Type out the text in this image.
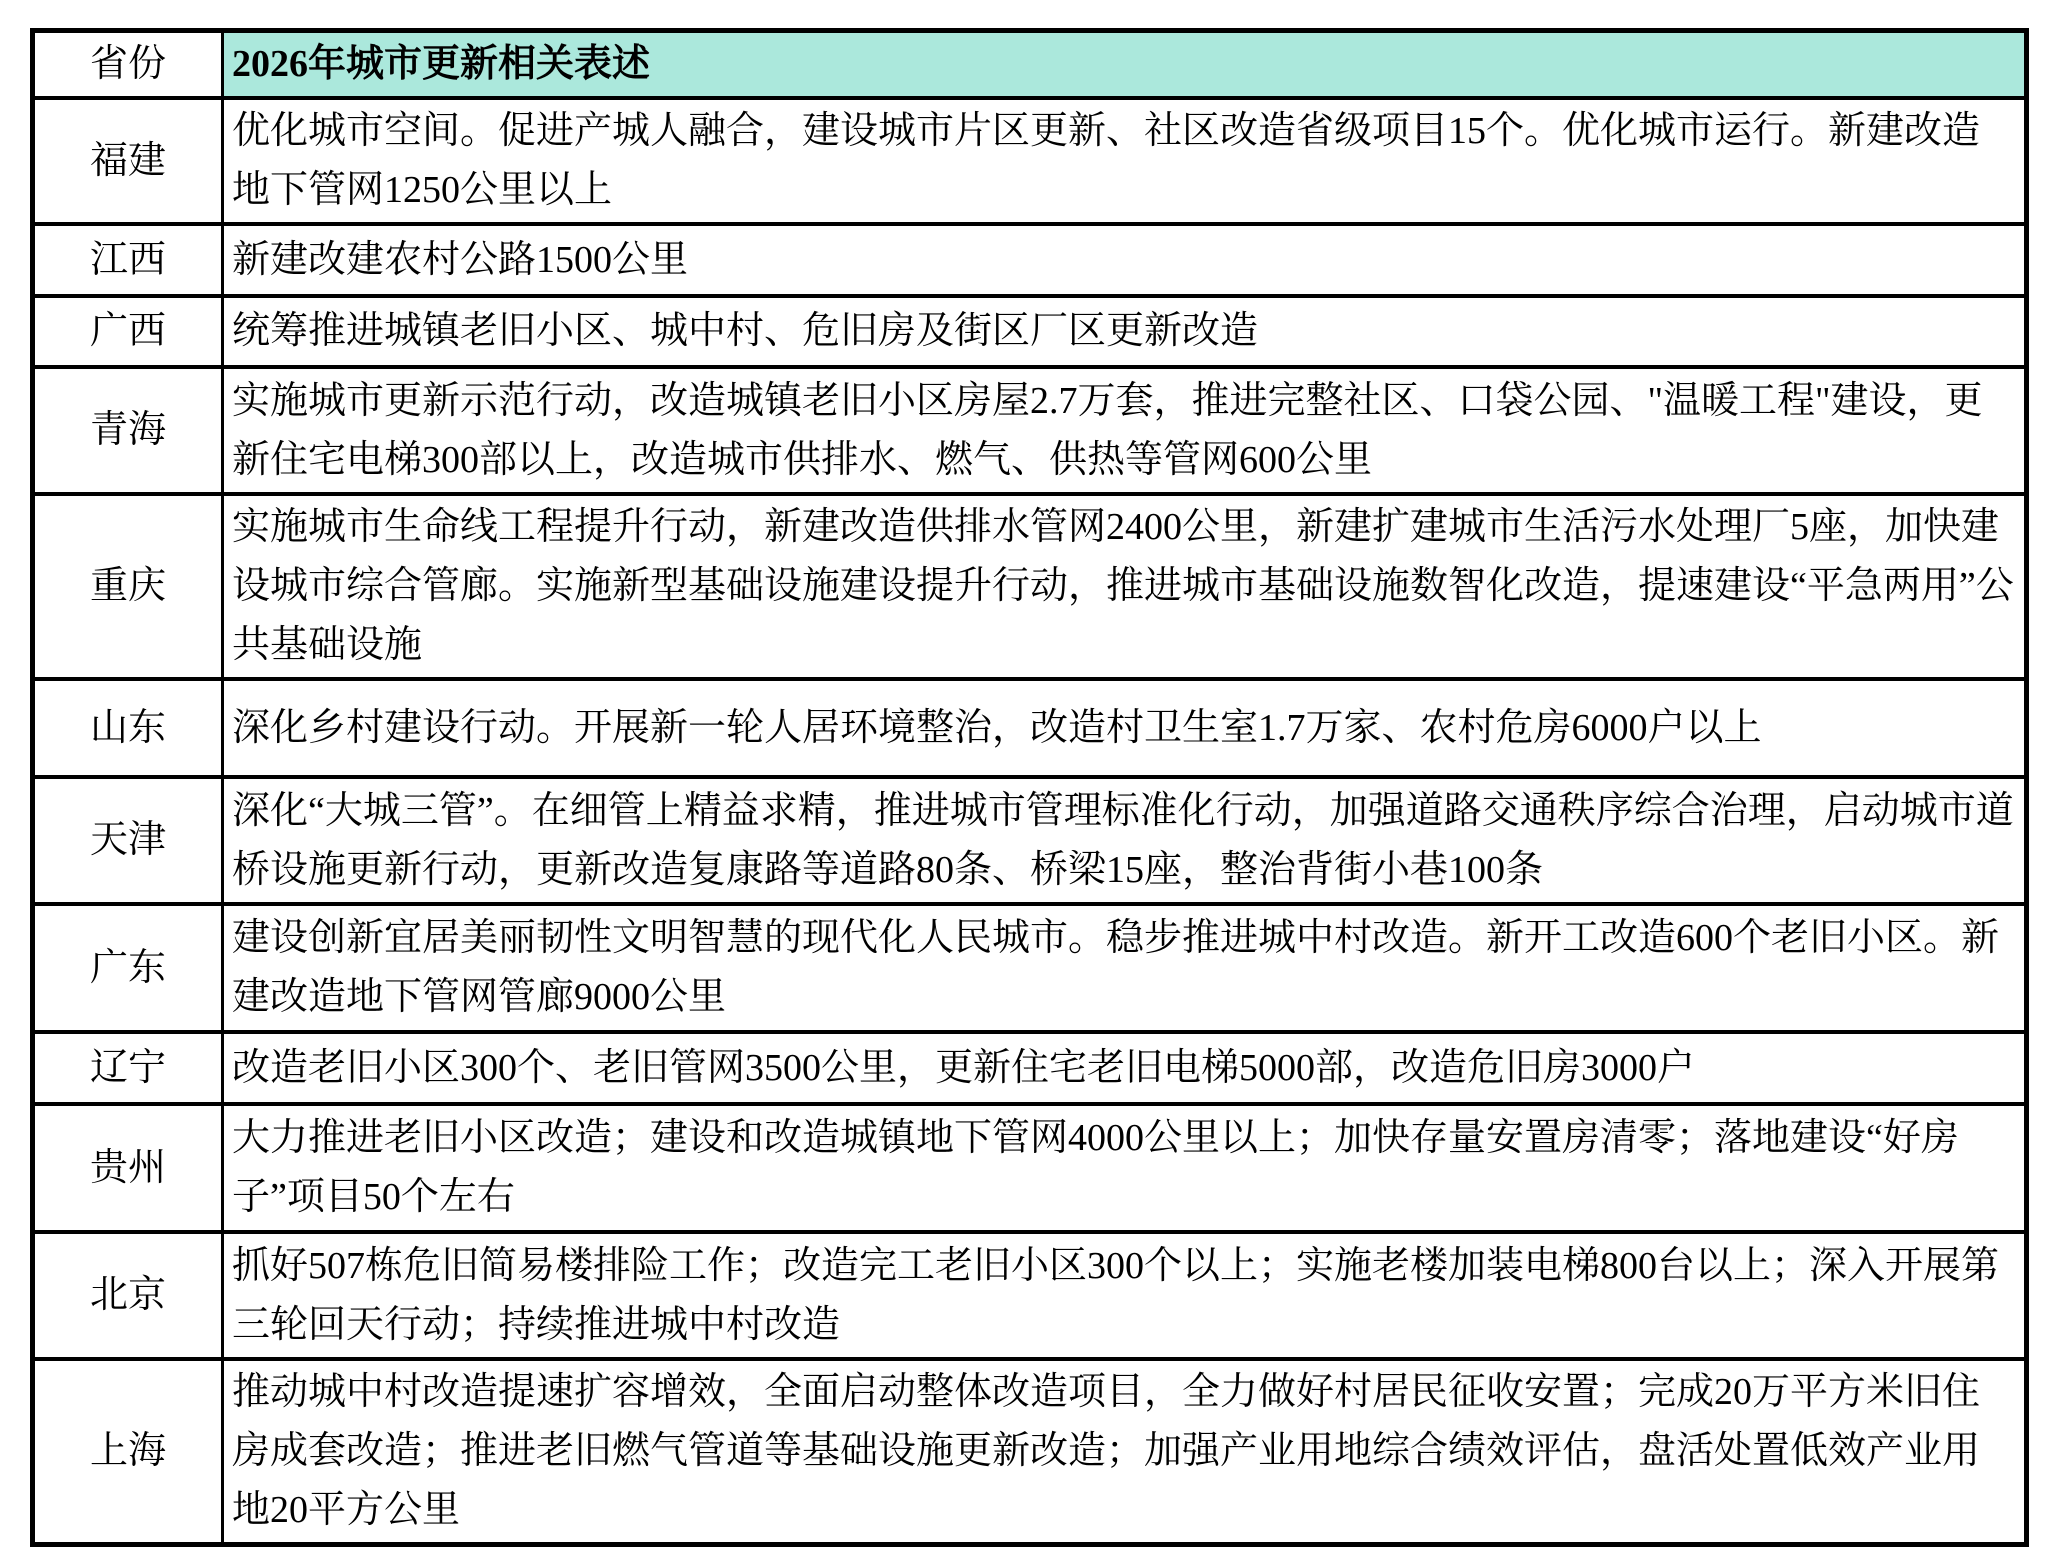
省份	2026年城市更新相关表述
福建	优化城市空间。促进产城人融合，建设城市片区更新、社区改造省级项目15个。优化城市运行。新建改造地下管网1250公里以上
江西	新建改建农村公路1500公里
广西	统筹推进城镇老旧小区、城中村、危旧房及街区厂区更新改造
青海	实施城市更新示范行动，改造城镇老旧小区房屋2.7万套，推进完整社区、口袋公园、"温暖工程"建设，更新住宅电梯300部以上，改造城市供排水、燃气、供热等管网600公里
重庆	实施城市生命线工程提升行动，新建改造供排水管网2400公里，新建扩建城市生活污水处理厂5座，加快建设城市综合管廊。实施新型基础设施建设提升行动，推进城市基础设施数智化改造，提速建设“平急两用”公共基础设施
山东	深化乡村建设行动。开展新一轮人居环境整治，改造村卫生室1.7万家、农村危房6000户以上
天津	深化“大城三管”。在细管上精益求精，推进城市管理标准化行动，加强道路交通秩序综合治理，启动城市道桥设施更新行动，更新改造复康路等道路80条、桥梁15座，整治背街小巷100条
广东	建设创新宜居美丽韧性文明智慧的现代化人民城市。稳步推进城中村改造。新开工改造600个老旧小区。新建改造地下管网管廊9000公里
辽宁	改造老旧小区300个、老旧管网3500公里，更新住宅老旧电梯5000部，改造危旧房3000户
贵州	大力推进老旧小区改造；建设和改造城镇地下管网4000公里以上；加快存量安置房清零；落地建设“好房子”项目50个左右
北京	抓好507栋危旧简易楼排险工作；改造完工老旧小区300个以上；实施老楼加装电梯800台以上；深入开展第三轮回天行动；持续推进城中村改造
上海	推动城中村改造提速扩容增效，全面启动整体改造项目，全力做好村居民征收安置；完成20万平方米旧住房成套改造；推进老旧燃气管道等基础设施更新改造；加强产业用地综合绩效评估，盘活处置低效产业用地20平方公里
